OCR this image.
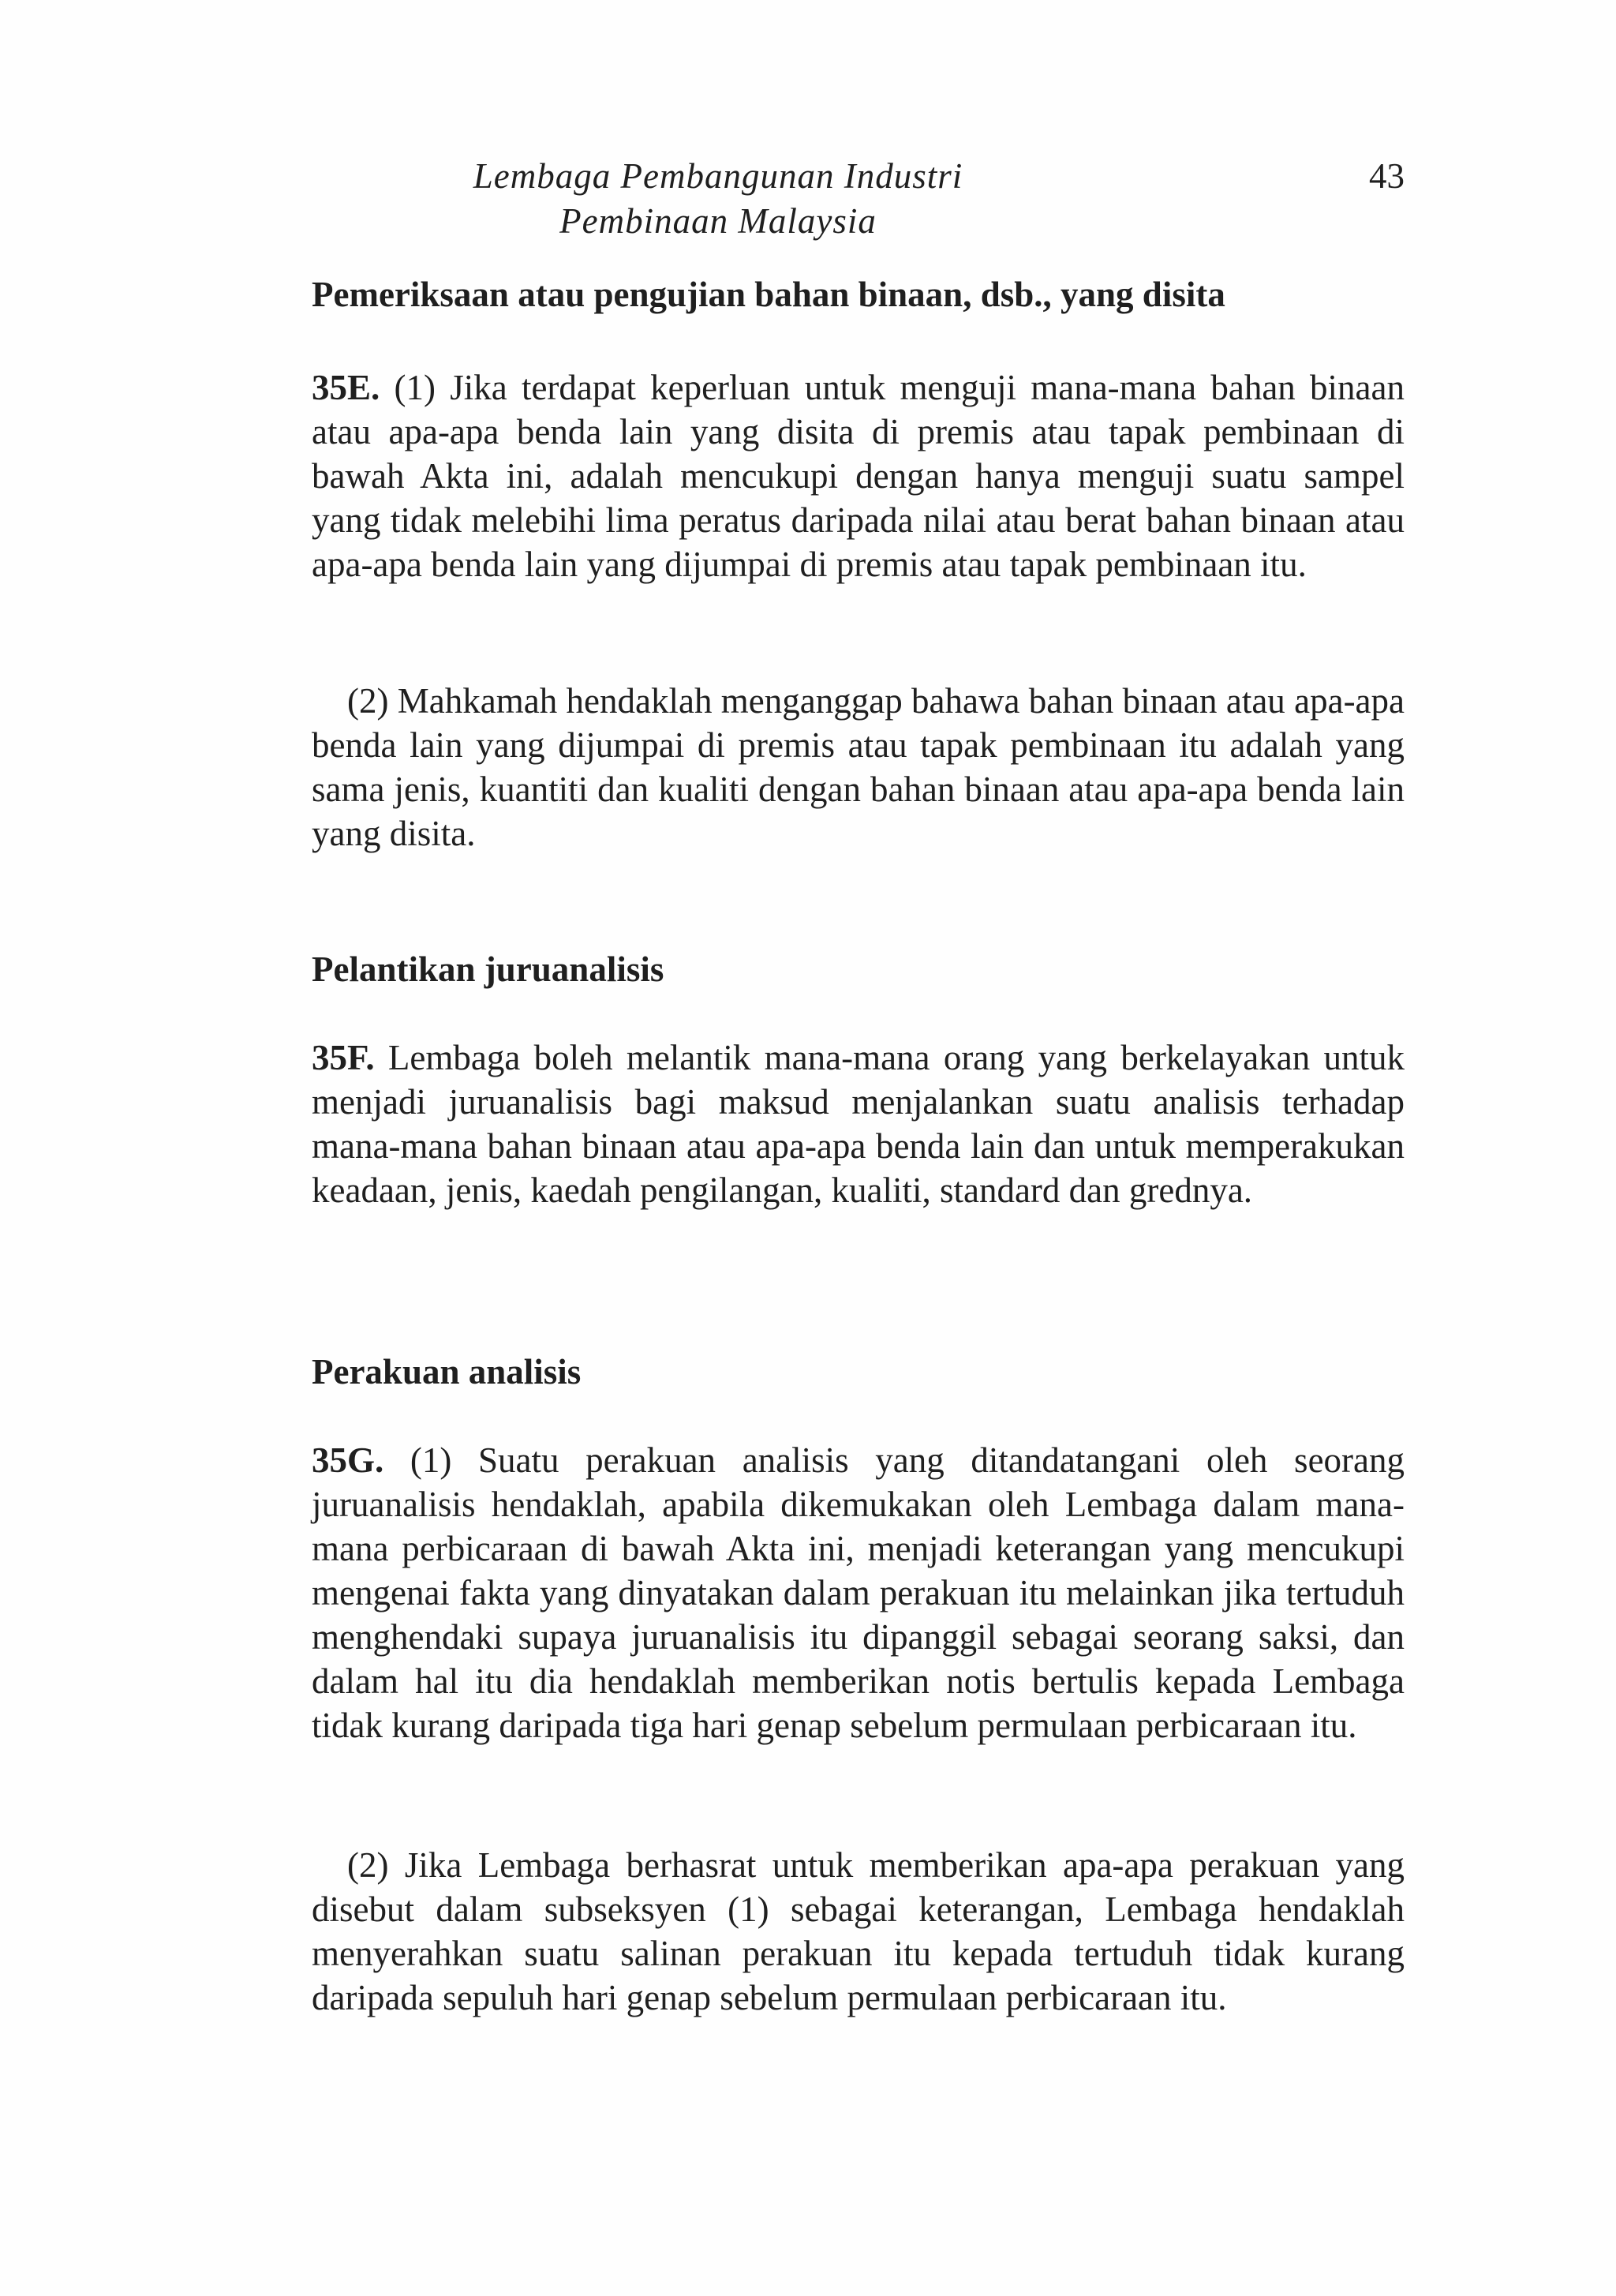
Lembaga Pembangunan Industri
Pembinaan Malaysia
43

Pemeriksaan atau pengujian bahan binaan, dsb., yang disita

35E. (1) Jika terdapat keperluan untuk menguji mana-mana bahan binaan atau apa-apa benda lain yang disita di premis atau tapak pembinaan di bawah Akta ini, adalah mencukupi dengan hanya menguji suatu sampel yang tidak melebihi lima peratus daripada nilai atau berat bahan binaan atau apa-apa benda lain yang dijumpai di premis atau tapak pembinaan itu.

(2) Mahkamah hendaklah menganggap bahawa bahan binaan atau apa-apa benda lain yang dijumpai di premis atau tapak pembinaan itu adalah yang sama jenis, kuantiti dan kualiti dengan bahan binaan atau apa-apa benda lain yang disita.

Pelantikan juruanalisis

35F. Lembaga boleh melantik mana-mana orang yang berkelayakan untuk menjadi juruanalisis bagi maksud menjalankan suatu analisis terhadap mana-mana bahan binaan atau apa-apa benda lain dan untuk memperakukan keadaan, jenis, kaedah pengilangan, kualiti, standard dan grednya.

Perakuan analisis

35G. (1) Suatu perakuan analisis yang ditandatangani oleh seorang juruanalisis hendaklah, apabila dikemukakan oleh Lembaga dalam mana-mana perbicaraan di bawah Akta ini, menjadi keterangan yang mencukupi mengenai fakta yang dinyatakan dalam perakuan itu melainkan jika tertuduh menghendaki supaya juruanalisis itu dipanggil sebagai seorang saksi, dan dalam hal itu dia hendaklah memberikan notis bertulis kepada Lembaga tidak kurang daripada tiga hari genap sebelum permulaan perbicaraan itu.

(2) Jika Lembaga berhasrat untuk memberikan apa-apa perakuan yang disebut dalam subseksyen (1) sebagai keterangan, Lembaga hendaklah menyerahkan suatu salinan perakuan itu kepada tertuduh tidak kurang daripada sepuluh hari genap sebelum permulaan perbicaraan itu.
